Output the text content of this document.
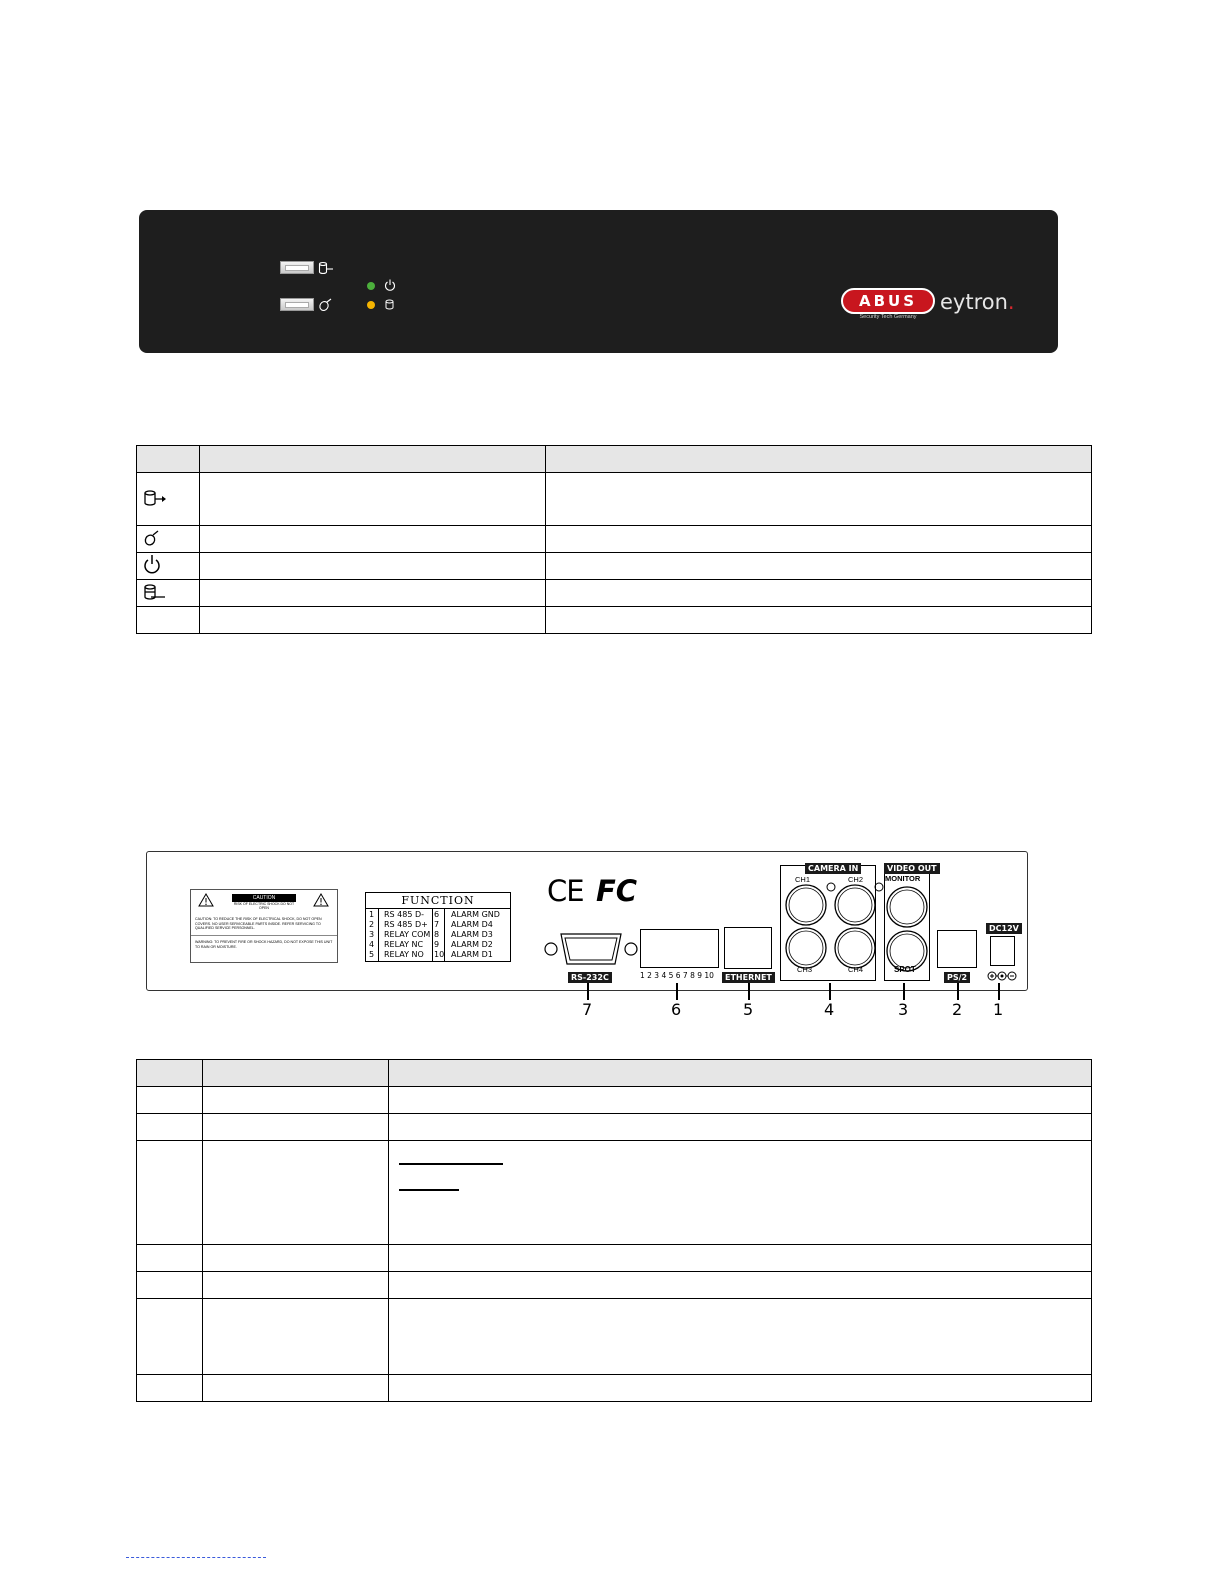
ABUS
Security Tech Germany
eytron.

CAUTION
RISK OF ELECTRIC SHOCK DO NOT OPEN
CAUTION: TO REDUCE THE RISK OF ELECTRICAL SHOCK, DO NOT OPEN COVERS. NO USER SERVICEABLE PARTS INSIDE. REFER SERVICING TO QUALIFIED SERVICE PERSONNEL.
WARNING: TO PREVENT FIRE OR SHOCK HAZARD, DO NOT EXPOSE THIS UNIT TO RAIN OR MOISTURE.
FUNCTION
1 RS 485 D- 6 ALARM GND
2 RS 485 D+ 7 ALARM D4
3 RELAY COM 8 ALARM D3
4 RELAY NC 9 ALARM D2
5 RELAY NO 10 ALARM D1
CE FC
RS-232C	1 2 3 4 5 6 7 8 9 10	ETHERNET
CAMERA IN
CH1	CH2
CH3	CH4
VIDEO OUT
MONITOR
SPOT
PS/2
DC12V
7	6	5	4	3	2 1
